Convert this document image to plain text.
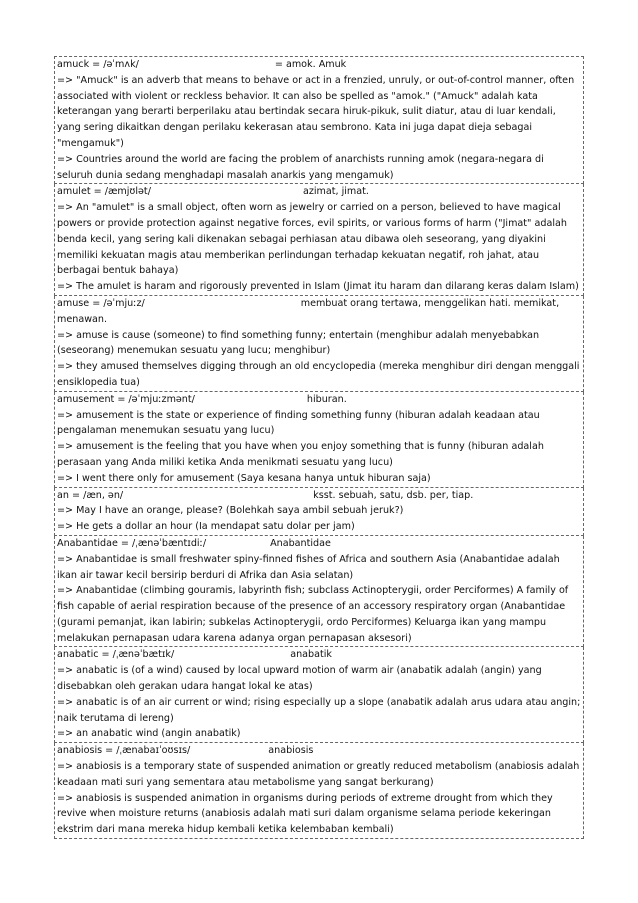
amuck = /əˈmʌk/	= amok. Amuk
=> "Amuck" is an adverb that means to behave or act in a frenzied, unruly, or out-of-control manner, often associated with violent or reckless behavior. It can also be spelled as "amok." ("Amuck" adalah kata keterangan yang berarti berperilaku atau bertindak secara hiruk-pikuk, sulit diatur, atau di luar kendali, yang sering dikaitkan dengan perilaku kekerasan atau sembrono. Kata ini juga dapat dieja sebagai "mengamuk")
=> Countries around the world are facing the problem of anarchists running amok (negara-negara di seluruh dunia sedang menghadapi masalah anarkis yang mengamuk)
amulet = /æmjʊlət/	azimat, jimat.
=> An "amulet" is a small object, often worn as jewelry or carried on a person, believed to have magical powers or provide protection against negative forces, evil spirits, or various forms of harm ("Jimat" adalah benda kecil, yang sering kali dikenakan sebagai perhiasan atau dibawa oleh seseorang, yang diyakini memiliki kekuatan magis atau memberikan perlindungan terhadap kekuatan negatif, roh jahat, atau berbagai bentuk bahaya)
=> The amulet is haram and rigorously prevented in Islam (Jimat itu haram dan dilarang keras dalam Islam)
amuse = /əˈmjuːz/	membuat orang tertawa, menggelikan hati. memikat, menawan.
=> amuse is cause (someone) to find something funny; entertain (menghibur adalah menyebabkan (seseorang) menemukan sesuatu yang lucu; menghibur)
=> they amused themselves digging through an old encyclopedia (mereka menghibur diri dengan menggali ensiklopedia tua)
amusement = /əˈmjuːzmənt/	hiburan.
=> amusement is the state or experience of finding something funny (hiburan adalah keadaan atau pengalaman menemukan sesuatu yang lucu)
=> amusement is the feeling that you have when you enjoy something that is funny (hiburan adalah perasaan yang Anda miliki ketika Anda menikmati sesuatu yang lucu)
=> I went there only for amusement (Saya kesana hanya untuk hiburan saja)
an = /æn, ən/	ksst. sebuah, satu, dsb. per, tiap.
=> May I have an orange, please? (Bolehkah saya ambil sebuah jeruk?)
=> He gets a dollar an hour (Ia mendapat satu dolar per jam)
Anabantidae = /ˌænəˈbæntɪdiː/	Anabantidae
=> Anabantidae is small freshwater spiny-finned fishes of Africa and southern Asia (Anabantidae adalah ikan air tawar kecil bersirip berduri di Afrika dan Asia selatan)
=> Anabantidae (climbing gouramis, labyrinth fish; subclass Actinopterygii, order Perciformes) A family of fish capable of aerial respiration because of the presence of an accessory respiratory organ (Anabantidae (gurami pemanjat, ikan labirin; subkelas Actinopterygii, ordo Perciformes) Keluarga ikan yang mampu melakukan pernapasan udara karena adanya organ pernapasan aksesori)
anabatic = /ˌænəˈbætɪk/	anabatik
=> anabatic is (of a wind) caused by local upward motion of warm air (anabatik adalah (angin) yang disebabkan oleh gerakan udara hangat lokal ke atas)
=> anabatic is of an air current or wind; rising especially up a slope (anabatik adalah arus udara atau angin; naik terutama di lereng)
=> an anabatic wind (angin anabatik)
anabiosis = /ˌænabaɪˈoʊsɪs/	anabiosis
=> anabiosis is a temporary state of suspended animation or greatly reduced metabolism (anabiosis adalah keadaan mati suri yang sementara atau metabolisme yang sangat berkurang)
=> anabiosis is suspended animation in organisms during periods of extreme drought from which they revive when moisture returns (anabiosis adalah mati suri dalam organisme selama periode kekeringan ekstrim dari mana mereka hidup kembali ketika kelembaban kembali)
